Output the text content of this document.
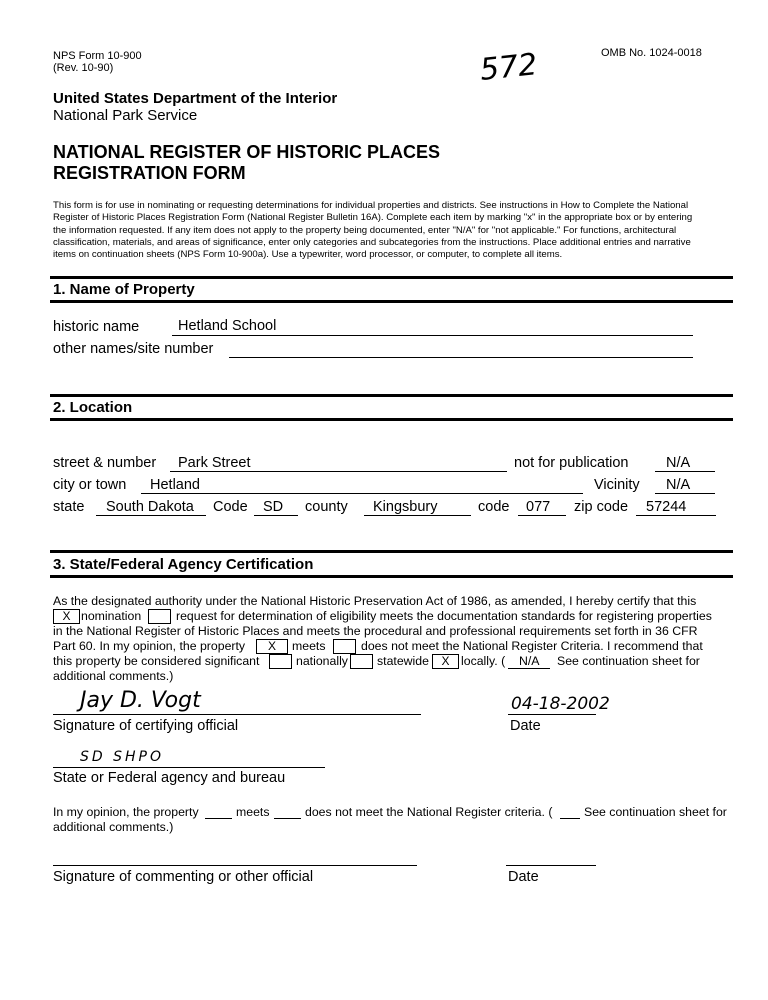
NPS Form 10-900
(Rev. 10-90)
OMB No. 1024-0018
572
United States Department of the Interior
National Park Service
NATIONAL REGISTER OF HISTORIC PLACES
REGISTRATION FORM
This form is for use in nominating or requesting determinations for individual properties and districts. See instructions in How to Complete the National
Register of Historic Places Registration Form (National Register Bulletin 16A). Complete each item by marking "x" in the appropriate box or by entering
the information requested. If any item does not apply to the property being documented, enter "N/A" for "not applicable." For functions, architectural
classification, materials, and areas of significance, enter only categories and subcategories from the instructions. Place additional entries and narrative
items on continuation sheets (NPS Form 10-900a). Use a typewriter, word processor, or computer, to complete all items.
1. Name of Property
historic name	Hetland School
other names/site number
2. Location
street & number Park Street	not for publication	N/A
city or town Hetland	Vicinity N/A
state South Dakota Code SD county Kingsbury	code 077 zip code 57244
3. State/Federal Agency Certification
As the designated authority under the National Historic Preservation Act of 1986, as amended, I hereby certify that this
X nomination	request for determination of eligibility meets the documentation standards for registering properties
in the National Register of Historic Places and meets the procedural and professional requirements set forth in 36 CFR
Part 60. In my opinion, the property	X	meets	does not meet the National Register Criteria. I recommend that
this property be considered significant	nationally statewide	X locally. ( N/A See continuation sheet for
additional comments.)
Jay D. Vogt
Signature of certifying official
04-18-2002
Date
SD SHPO
State or Federal agency and bureau
In my opinion, the property	meets	does not meet the National Register criteria. (	See continuation sheet for
additional comments.)
Signature of commenting or other official	Date
